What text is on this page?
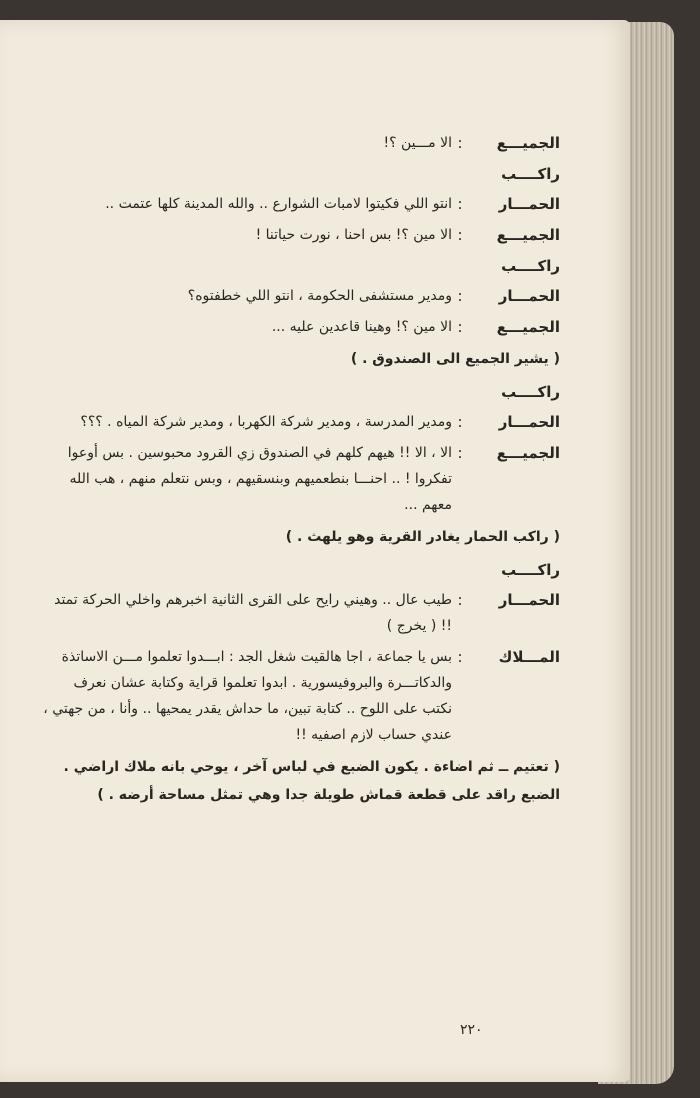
الجميـــع
:
الا مـــين ؟!
راكــــب
الحمـــار
:
انتو اللي فكيتوا لامبات الشوارع .. والله المدينة كلها عتمت ..
الجميـــع
:
الا مين ؟! بس احنا ، نورت حياتنا !
راكــــب
الحمـــار
:
ومدير مستشفى الحكومة ، انتو اللي خطفتوه؟
الجميـــع
:
الا مين ؟! وهينا قاعدين عليه ...
( يشير الجميع الى الصندوق . )
راكــــب
الحمـــار
:
ومدير المدرسة ، ومدير شركة الكهربا ، ومدير شركة المياه . ؟؟؟
الجميـــع
:
الا ، الا !! هيهم كلهم في الصندوق زي القرود محبوسين . بس أوعوا تفكروا ! .. احنـــا بنطعميهم وبنسقيهم ، وبس نتعلم منهم ، هب الله معهم ...
( راكب الحمار يغادر القرية وهو يلهث . )
راكــــب
الحمـــار
:
طيب عال .. وهيني رايح على القرى الثانية اخبرهم واخلي الحركة تمتد !! ( يخرج )
المـــلاك
:
بس يا جماعة ، اجا هالقيت شغل الجد : ابـــدوا تعلموا مـــن الاساتذة والدكاتـــرة والبروفيسورية . ابدوا تعلموا قراية وكتابة عشان نعرف نكتب على اللوح .. كتابة تبين، ما حداش يقدر يمحيها .. وأنا ، من جهتي ، عندي حساب لازم اصفيه !!
( تعتيم ــ ثم اضاءة . يكون الضبع في لباس آخر ، يوحي بانه ملاك اراضي . الضبع راقد على قطعة قماش طويلة جدا وهي تمثل مساحة أرضه . )
٢٢٠
